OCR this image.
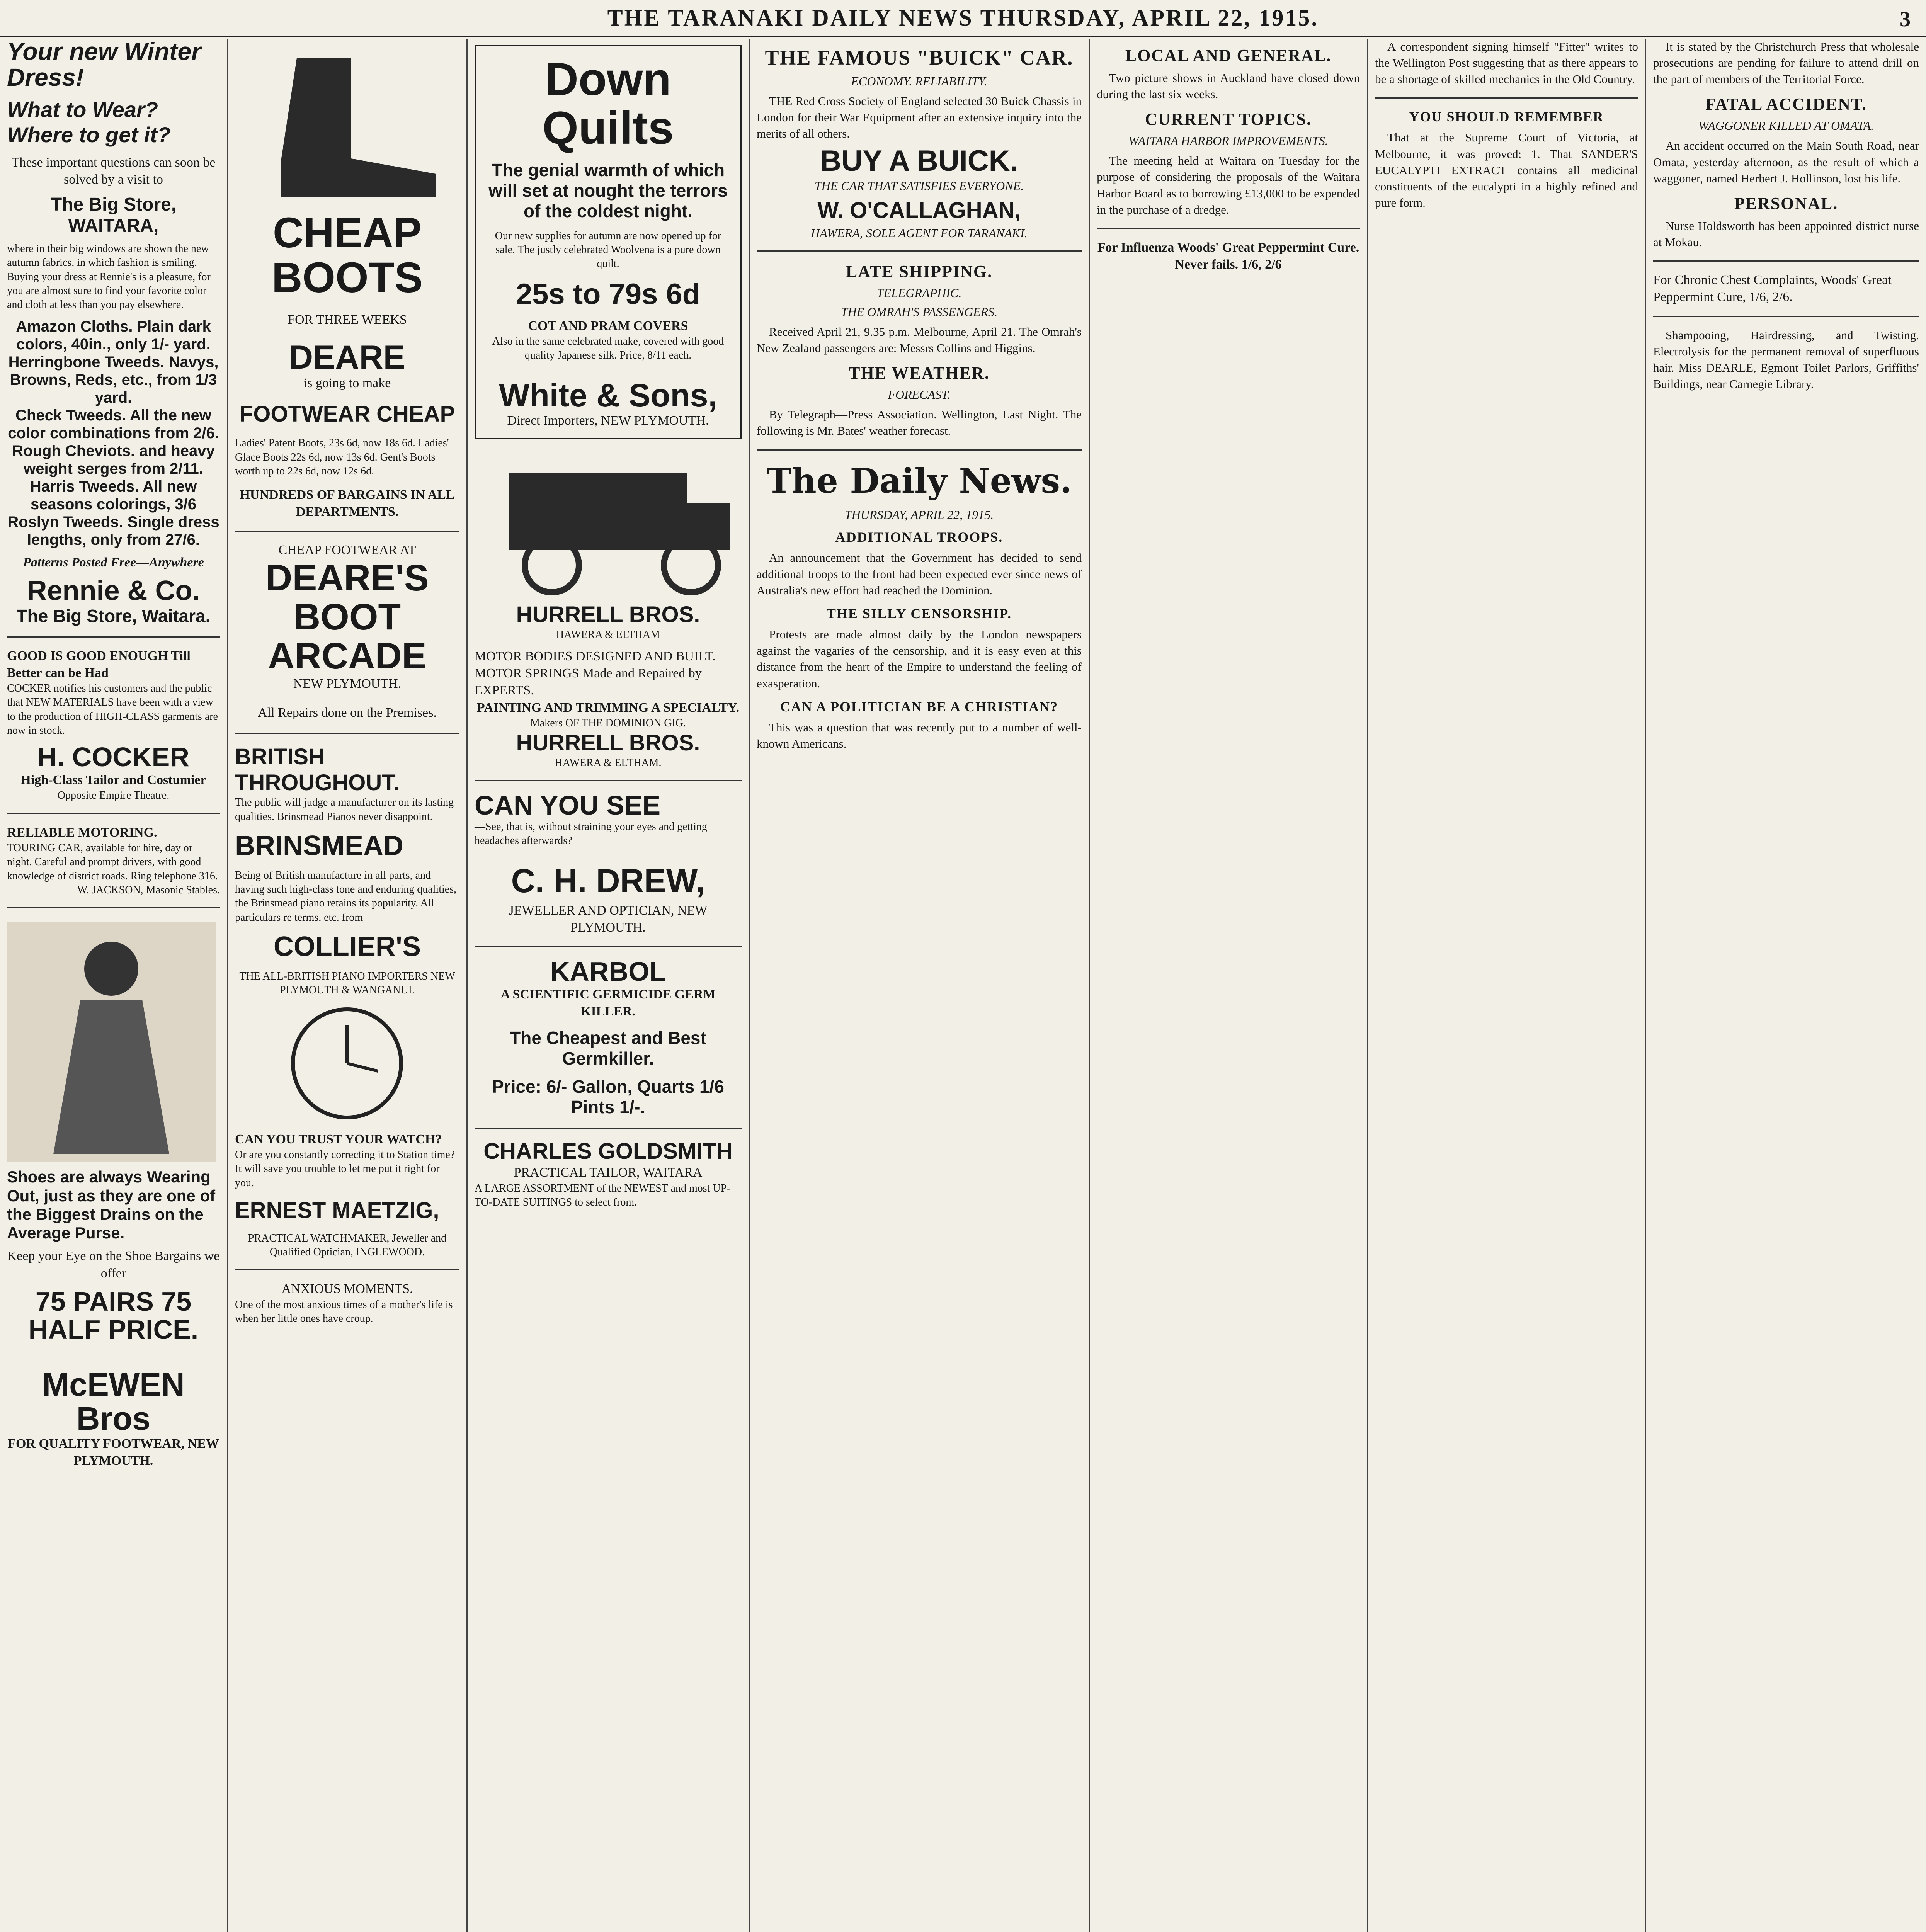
THE TARANAKI DAILY NEWS THURSDAY, APRIL 22, 1915.	3
Your new Winter Dress!
What to Wear? Where to get it?
These important questions can soon be solved by a visit to
The Big Store, WAITARA,
where in their big windows are shown the new autumn fabrics, in which fashion is smiling. Buying your dress at Rennie's is a pleasure, for you are almost sure to find your favorite color and cloth at less than you pay elsewhere.
Amazon Cloths. Plain dark colors, 40in., only 1/- yard.
Herringbone Tweeds. Navys, Browns, Reds, etc., from 1/3 yard.
Check Tweeds. All the new color combinations from 2/6.
Rough Cheviots. and heavy weight serges from 2/11.
Harris Tweeds. All new seasons colorings, 3/6
Roslyn Tweeds. Single dress lengths, only from 27/6.
Patterns Posted Free—Anywhere
Rennie & Co.
The Big Store, Waitara.
GOOD IS GOOD ENOUGH Till Better can be Had
COCKER notifies his customers and the public that NEW MATERIALS have been with a view to the production of HIGH-CLASS garments are now in stock.
H. COCKER
High-Class Tailor and Costumier
Opposite Empire Theatre.
RELIABLE MOTORING.
TOURING CAR, available for hire, day or night. Careful and prompt drivers, with good knowledge of district roads. Ring telephone 316.
W. JACKSON, Masonic Stables.
Shoes are always Wearing Out, just as they are one of the Biggest Drains on the Average Purse.
Keep your Eye on the Shoe Bargains we offer
75 PAIRS 75
HALF PRICE.
McEWEN Bros
FOR QUALITY FOOTWEAR, NEW PLYMOUTH.
CHEAP
BOOTS
FOR THREE WEEKS
DEARE
is going to make
FOOTWEAR CHEAP
Ladies' Patent Boots, 23s 6d, now 18s 6d. Ladies' Glace Boots 22s 6d, now 13s 6d. Gent's Boots worth up to 22s 6d, now 12s 6d.
HUNDREDS OF BARGAINS IN ALL DEPARTMENTS.
CHEAP FOOTWEAR AT
DEARE'S
BOOT ARCADE
NEW PLYMOUTH.
All Repairs done on the Premises.
BRITISH THROUGHOUT.
The public will judge a manufacturer on its lasting qualities. Brinsmead Pianos never disappoint.
BRINSMEAD
Being of British manufacture in all parts, and having such high-class tone and enduring qualities, the Brinsmead piano retains its popularity. All particulars re terms, etc. from
COLLIER'S
THE ALL-BRITISH PIANO IMPORTERS NEW PLYMOUTH & WANGANUI.
CAN YOU TRUST YOUR WATCH?
Or are you constantly correcting it to Station time? It will save you trouble to let me put it right for you.
ERNEST MAETZIG,
PRACTICAL WATCHMAKER, Jeweller and Qualified Optician, INGLEWOOD.
ANXIOUS MOMENTS.
One of the most anxious times of a mother's life is when her little ones have croup.
Down
Quilts
The genial warmth of which will set at nought the terrors of the coldest night.
Our new supplies for autumn are now opened up for sale. The justly celebrated Woolvena is a pure down quilt.
25s to 79s 6d
COT AND PRAM COVERS
Also in the same celebrated make, covered with good quality Japanese silk. Price, 8/11 each.
White & Sons,
Direct Importers, NEW PLYMOUTH.
HURRELL BROS.
HAWERA & ELTHAM
MOTOR BODIES DESIGNED AND BUILT. MOTOR SPRINGS Made and Repaired by EXPERTS.
PAINTING AND TRIMMING A SPECIALTY.
Makers OF THE DOMINION GIG.
HURRELL BROS.
HAWERA & ELTHAM.
CAN YOU SEE
—See, that is, without straining your eyes and getting headaches afterwards?
C. H. DREW,
JEWELLER AND OPTICIAN, NEW PLYMOUTH.
KARBOL
A SCIENTIFIC GERMICIDE GERM KILLER.
The Cheapest and Best Germkiller.
Price: 6/- Gallon, Quarts 1/6 Pints 1/-.
CHARLES GOLDSMITH
PRACTICAL TAILOR, WAITARA
A LARGE ASSORTMENT of the NEWEST and most UP-TO-DATE SUITINGS to select from.
THE FAMOUS "BUICK" CAR.
ECONOMY. RELIABILITY.

THE Red Cross Society of England selected 30 Buick Chassis in London for their War Equipment after an extensive inquiry into the merits of all others.

BUY A BUICK.
THE CAR THAT SATISFIES EVERYONE.
W. O'CALLAGHAN,
HAWERA, SOLE AGENT FOR TARANAKI.
LATE SHIPPING.
TELEGRAPHIC.
THE OMRAH'S PASSENGERS.

Received April 21, 9.35 p.m. Melbourne, April 21. The Omrah's New Zealand passengers are: Messrs Collins and Higgins.

THE WEATHER.
FORECAST.

By Telegraph—Press Association. Wellington, Last Night. The following is Mr. Bates' weather forecast.

The Daily News.
THURSDAY, APRIL 22, 1915.
ADDITIONAL TROOPS.

An announcement that the Government has decided to send additional troops to the front had been expected ever since news of Australia's new effort had reached the Dominion.

THE SILLY CENSORSHIP.

Protests are made almost daily by the London newspapers against the vagaries of the censorship, and it is easy even at this distance from the heart of the Empire to understand the feeling of exasperation.

CAN A POLITICIAN BE A CHRISTIAN?

This was a question that was recently put to a number of well-known Americans.

LOCAL AND GENERAL.

Two picture shows in Auckland have closed down during the last six weeks.

CURRENT TOPICS.
WAITARA HARBOR IMPROVEMENTS.

The meeting held at Waitara on Tuesday for the purpose of considering the proposals of the Waitara Harbor Board as to borrowing £13,000 to be expended in the purchase of a dredge.

For Influenza Woods' Great Peppermint Cure. Never fails. 1/6, 2/6

A correspondent signing himself "Fitter" writes to the Wellington Post suggesting that as there appears to be a shortage of skilled mechanics in the Old Country.

YOU SHOULD REMEMBER

That at the Supreme Court of Victoria, at Melbourne, it was proved: 1. That SANDER'S EUCALYPTI EXTRACT contains all medicinal constituents of the eucalypti in a highly refined and pure form.

It is stated by the Christchurch Press that wholesale prosecutions are pending for failure to attend drill on the part of members of the Territorial Force.

FATAL ACCIDENT.
WAGGONER KILLED AT OMATA.

An accident occurred on the Main South Road, near Omata, yesterday afternoon, as the result of which a waggoner, named Herbert J. Hollinson, lost his life.

PERSONAL.

Nurse Holdsworth has been appointed district nurse at Mokau.

For Chronic Chest Complaints, Woods' Great Peppermint Cure, 1/6, 2/6.

Shampooing, Hairdressing, and Twisting. Electrolysis for the permanent removal of superfluous hair. Miss DEARLE, Egmont Toilet Parlors, Griffiths' Buildings, near Carnegie Library.
